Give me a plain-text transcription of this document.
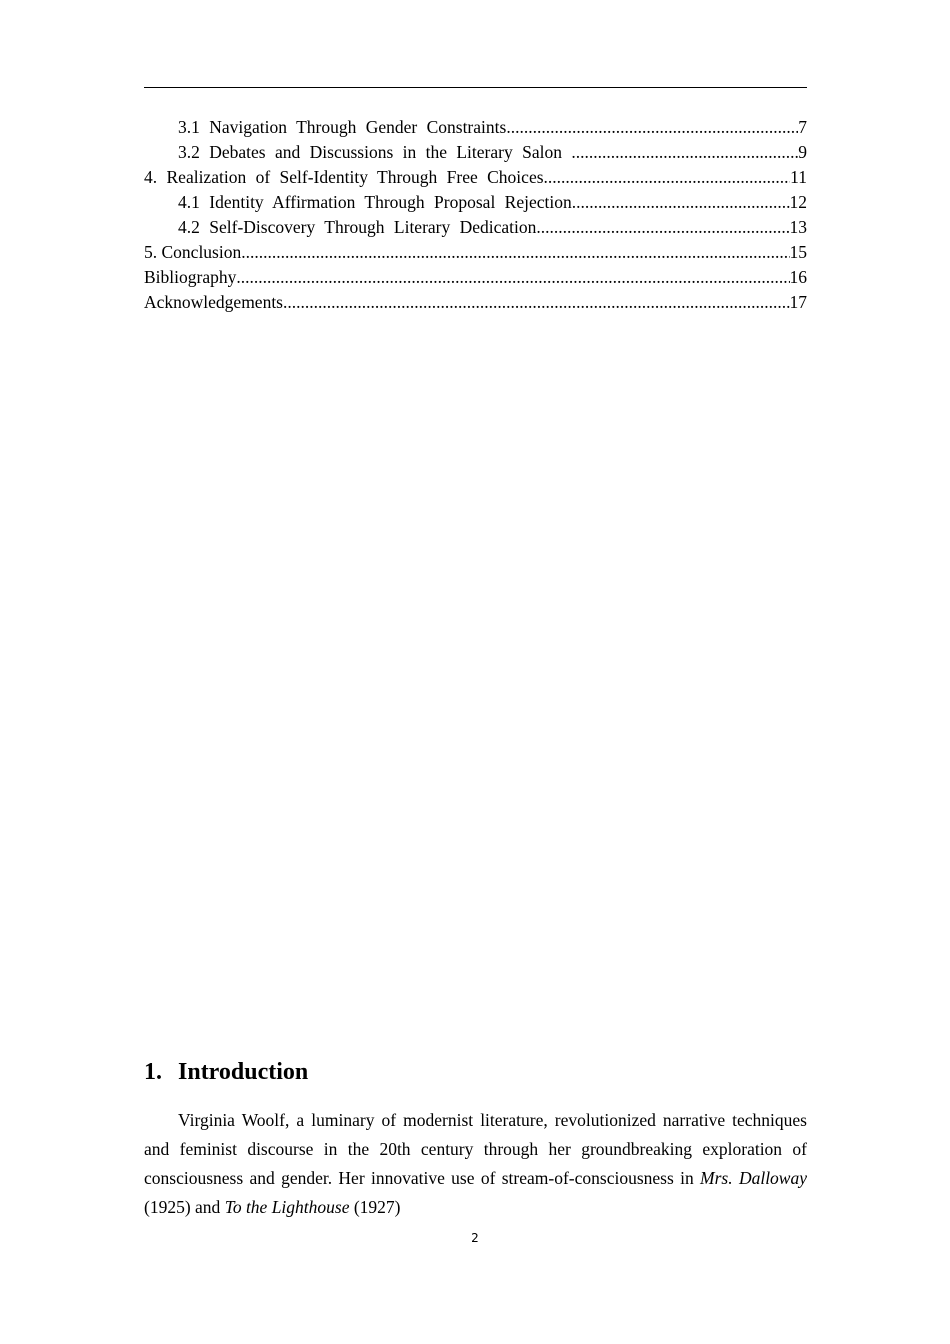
3.1 Navigation Through Gender Constraints .....	7
3.2 Debates and Discussions in the Literary Salon .....	9
4. Realization of Self-Identity Through Free Choices .....	11
4.1 Identity Affirmation Through Proposal Rejection .....	12
4.2 Self-Discovery Through Literary Dedication .....	13
5. Conclusion .....	15
Bibliography .....	16
Acknowledgements .....	17
1. Introduction

Virginia Woolf, a luminary of modernist literature, revolutionized narrative techniques and feminist discourse in the 20th century through her groundbreaking exploration of consciousness and gender. Her innovative use of stream-of-consciousness in Mrs. Dalloway (1925) and To the Lighthouse (1927)

2
